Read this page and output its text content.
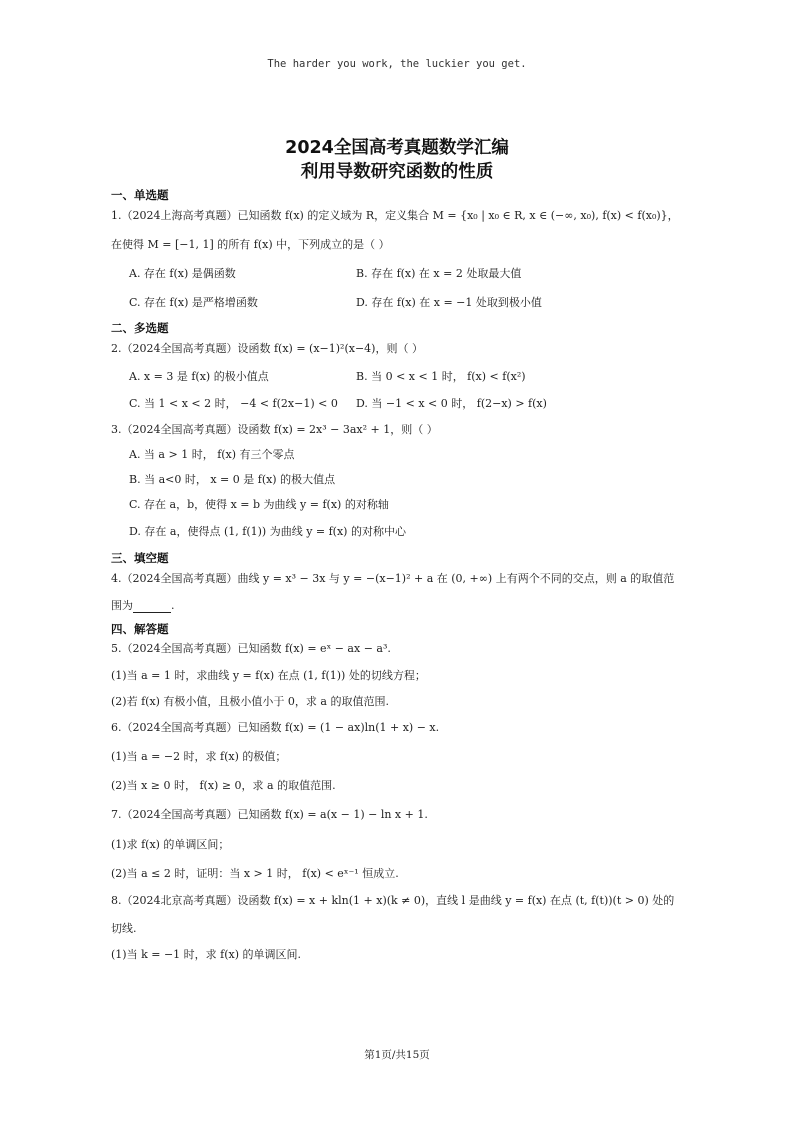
The harder you work, the luckier you get.
2024全国高考真题数学汇编
利用导数研究函数的性质
一、单选题
1.（2024上海高考真题）已知函数 f(x) 的定义域为 R，定义集合 M = {x₀ | x₀ ∈ R, x ∈ (−∞, x₀), f(x) < f(x₀)}，
在使得 M = [−1, 1] 的所有 f(x) 中，下列成立的是（ ）
A. 存在 f(x) 是偶函数	B. 存在 f(x) 在 x = 2 处取最大值
C. 存在 f(x) 是严格增函数	D. 存在 f(x) 在 x = −1 处取到极小值
二、多选题
2.（2024全国高考真题）设函数 f(x) = (x−1)²(x−4)，则（ ）
A. x = 3 是 f(x) 的极小值点	B. 当 0 < x < 1 时， f(x) < f(x²)
C. 当 1 < x < 2 时， −4 < f(2x−1) < 0 D. 当 −1 < x < 0 时， f(2−x) > f(x)
3.（2024全国高考真题）设函数 f(x) = 2x³ − 3ax² + 1，则（ ）
A. 当 a > 1 时， f(x) 有三个零点
B. 当 a<0 时， x = 0 是 f(x) 的极大值点
C. 存在 a，b，使得 x = b 为曲线 y = f(x) 的对称轴
D. 存在 a，使得点 (1, f(1)) 为曲线 y = f(x) 的对称中心
三、填空题
4.（2024全国高考真题）曲线 y = x³ − 3x 与 y = −(x−1)² + a 在 (0, +∞) 上有两个不同的交点，则 a 的取值范
围为	.
四、解答题
5.（2024全国高考真题）已知函数 f(x) = eˣ − ax − a³.
(1)当 a = 1 时，求曲线 y = f(x) 在点 (1, f(1)) 处的切线方程；
(2)若 f(x) 有极小值，且极小值小于 0，求 a 的取值范围.
6.（2024全国高考真题）已知函数 f(x) = (1 − ax)ln(1 + x) − x.
(1)当 a = −2 时，求 f(x) 的极值；
(2)当 x ≥ 0 时， f(x) ≥ 0，求 a 的取值范围.
7.（2024全国高考真题）已知函数 f(x) = a(x − 1) − ln x + 1.
(1)求 f(x) 的单调区间；
(2)当 a ≤ 2 时，证明：当 x > 1 时， f(x) < eˣ⁻¹ 恒成立.
8.（2024北京高考真题）设函数 f(x) = x + kln(1 + x)(k ≠ 0)，直线 l 是曲线 y = f(x) 在点 (t, f(t))(t > 0) 处的
切线.
(1)当 k = −1 时，求 f(x) 的单调区间.
第1页/共15页
